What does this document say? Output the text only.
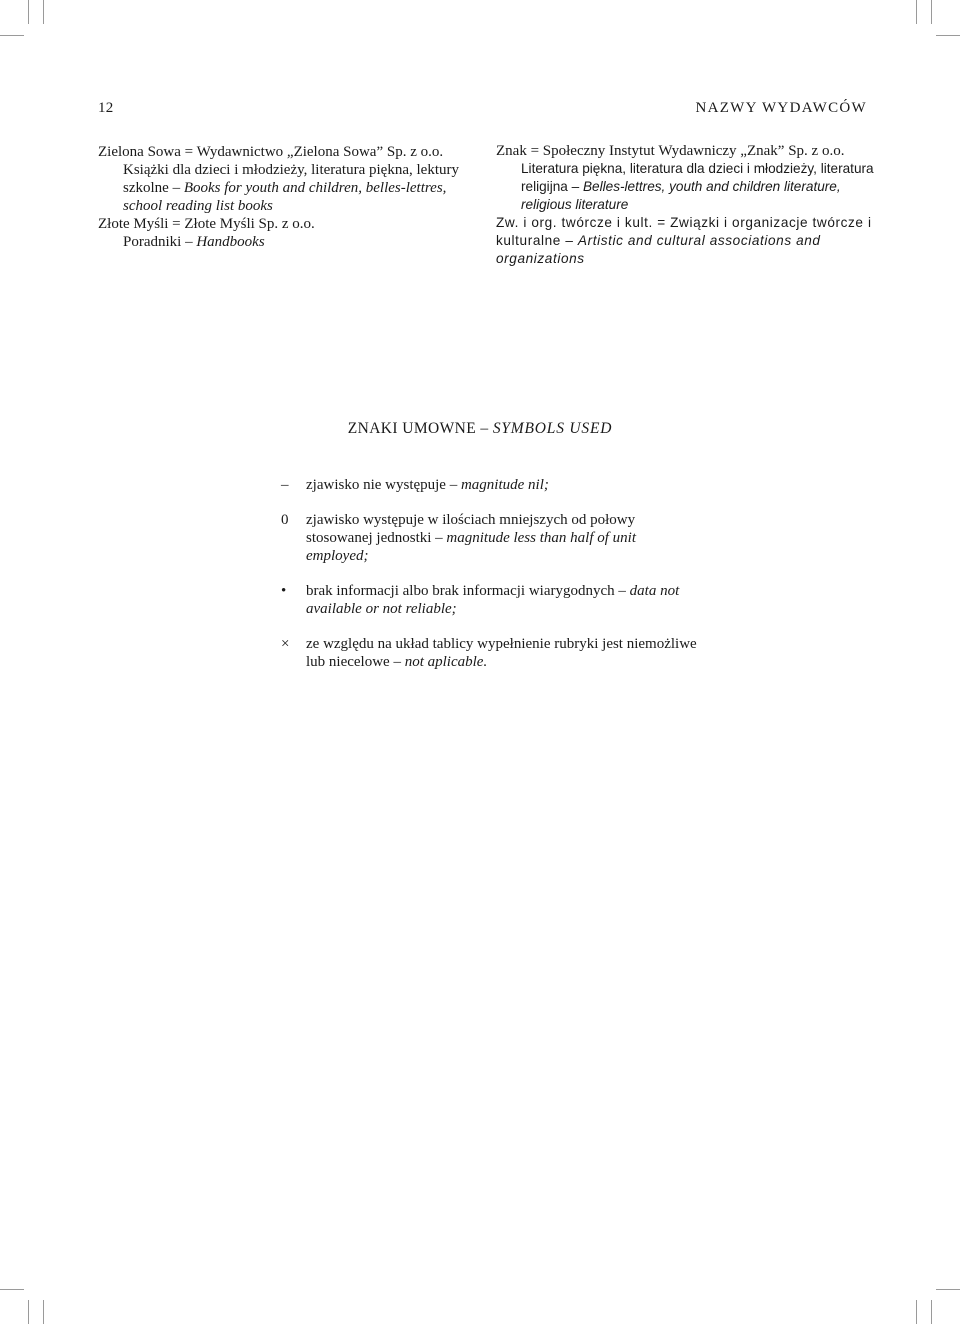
12	NAZWY WYDAWCÓW
Zielona Sowa = Wydawnictwo „Zielona Sowa” Sp. z o.o.
Książki dla dzieci i młodzieży, literatura piękna, lektury szkolne – Books for youth and children, belles-lettres, school reading list books
Złote Myśli = Złote Myśli Sp. z o.o.
Poradniki – Handbooks
Znak = Społeczny Instytut Wydawniczy „Znak” Sp. z o.o.
Literatura piękna, literatura dla dzieci i młodzieży, literatura religijna – Belles-lettres, youth and children literature, religious literature
Zw. i org. twórcze i kult. = Związki i organizacje twórcze i kulturalne – Artistic and cultural associations and organizations
ZNAKI UMOWNE – SYMBOLS USED
–	zjawisko nie występuje – magnitude nil;
0	zjawisko występuje w ilościach mniejszych od połowy stosowanej jednostki – magnitude less than half of unit employed;
•	brak informacji albo brak informacji wiarygodnych – data not available or not reliable;
×	ze względu na układ tablicy wypełnienie rubryki jest niemożliwe lub niecelowe – not aplicable.
